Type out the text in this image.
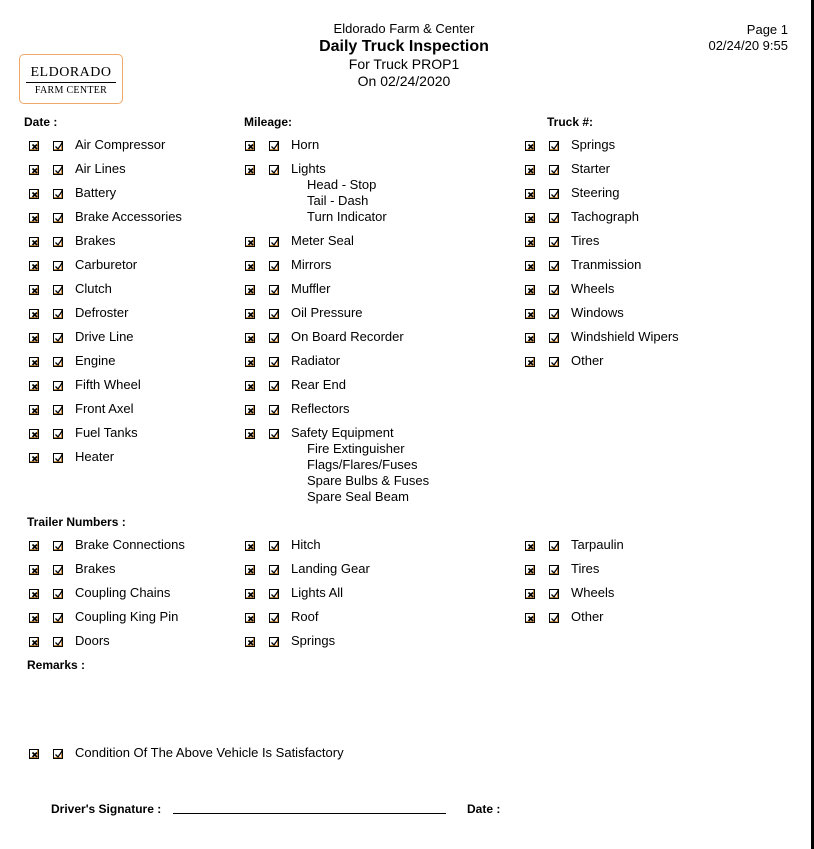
Eldorado Farm & Center
Daily Truck Inspection
For Truck PROP1
On 02/24/2020
Page 1
02/24/20 9:55
ELDORADO
FARM CENTER
Date :	Mileage:	Truck #:
Trailer Numbers :
Remarks :
Air Compressor
Air Lines
Battery
Brake Accessories
Brakes
Carburetor
Clutch
Defroster
Drive Line
Engine
Fifth Wheel
Front Axel
Fuel Tanks
Heater
Horn
Lights
Head - Stop
Tail - Dash
Turn Indicator
Meter Seal
Mirrors
Muffler
Oil Pressure
On Board Recorder
Radiator
Rear End
Reflectors
Safety Equipment
Fire Extinguisher
Flags/Flares/Fuses
Spare Bulbs & Fuses
Spare Seal Beam
Springs
Starter
Steering
Tachograph
Tires
Tranmission
Wheels
Windows
Windshield Wipers
Other
Brake Connections
Brakes
Coupling Chains
Coupling King Pin
Doors
Hitch
Landing Gear
Lights All
Roof
Springs
Tarpaulin
Tires
Wheels
Other
Condition Of The Above Vehicle Is Satisfactory
Driver's Signature :	Date :
